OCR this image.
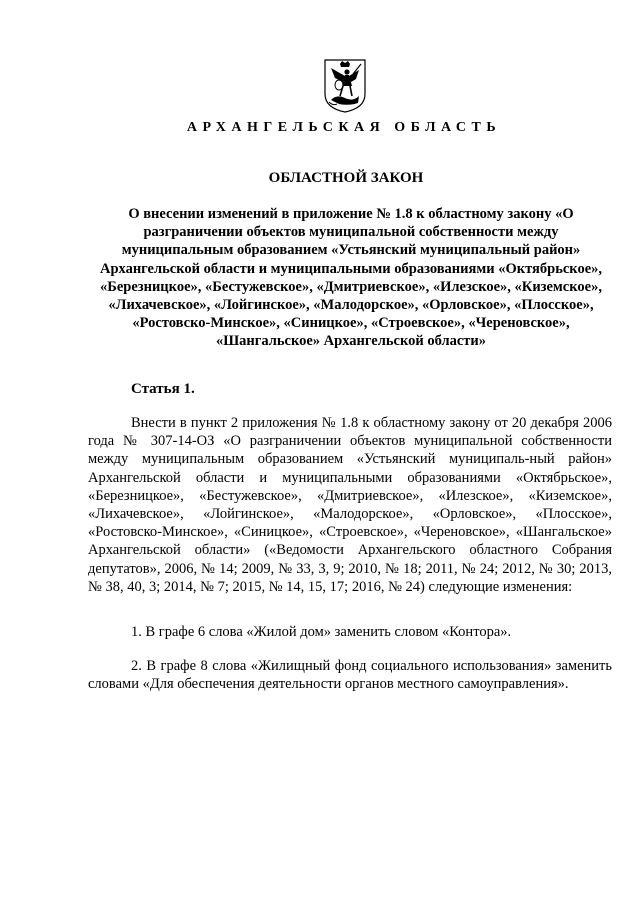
АРХАНГЕЛЬСКАЯ ОБЛАСТЬ
ОБЛАСТНОЙ ЗАКОН
О внесении изменений в приложение № 1.8 к областному закону «О разграничении объектов муниципальной собственности между муниципальным образованием «Устьянский муниципальный район» Архангельской области и муниципальными образованиями «Октябрьское», «Березницкое», «Бестужевское», «Дмитриевское», «Илезское», «Киземское», «Лихачевское», «Лойгинское», «Малодорское», «Орловское», «Плосское», «Ростовско-Минское», «Синицкое», «Строевское», «Череновское», «Шангальское» Архангельской области»
Статья 1.
Внести в пункт 2 приложения № 1.8 к областному закону от 20 декабря 2006 года № 307-14-ОЗ «О разграничении объектов муниципальной собственности между муниципальным образованием «Устьянский муниципаль-ный район» Архангельской области и муниципальными образованиями «Октябрьское», «Березницкое», «Бестужевское», «Дмитриевское», «Илезское», «Киземское», «Лихачевское», «Лойгинское», «Малодорское», «Орловское», «Плосское», «Ростовско-Минское», «Синицкое», «Строевское», «Череновское», «Шангальское» Архангельской области» («Ведомости Архангельского областного Собрания депутатов», 2006, № 14; 2009, № 33, 3, 9; 2010, № 18; 2011, № 24; 2012, № 30; 2013, № 38, 40, 3; 2014, № 7; 2015, № 14, 15, 17; 2016, № 24) следующие изменения:
1. В графе 6 слова «Жилой дом» заменить словом «Контора».
2. В графе 8 слова «Жилищный фонд социального использования» заменить словами «Для обеспечения деятельности органов местного самоуправления».
